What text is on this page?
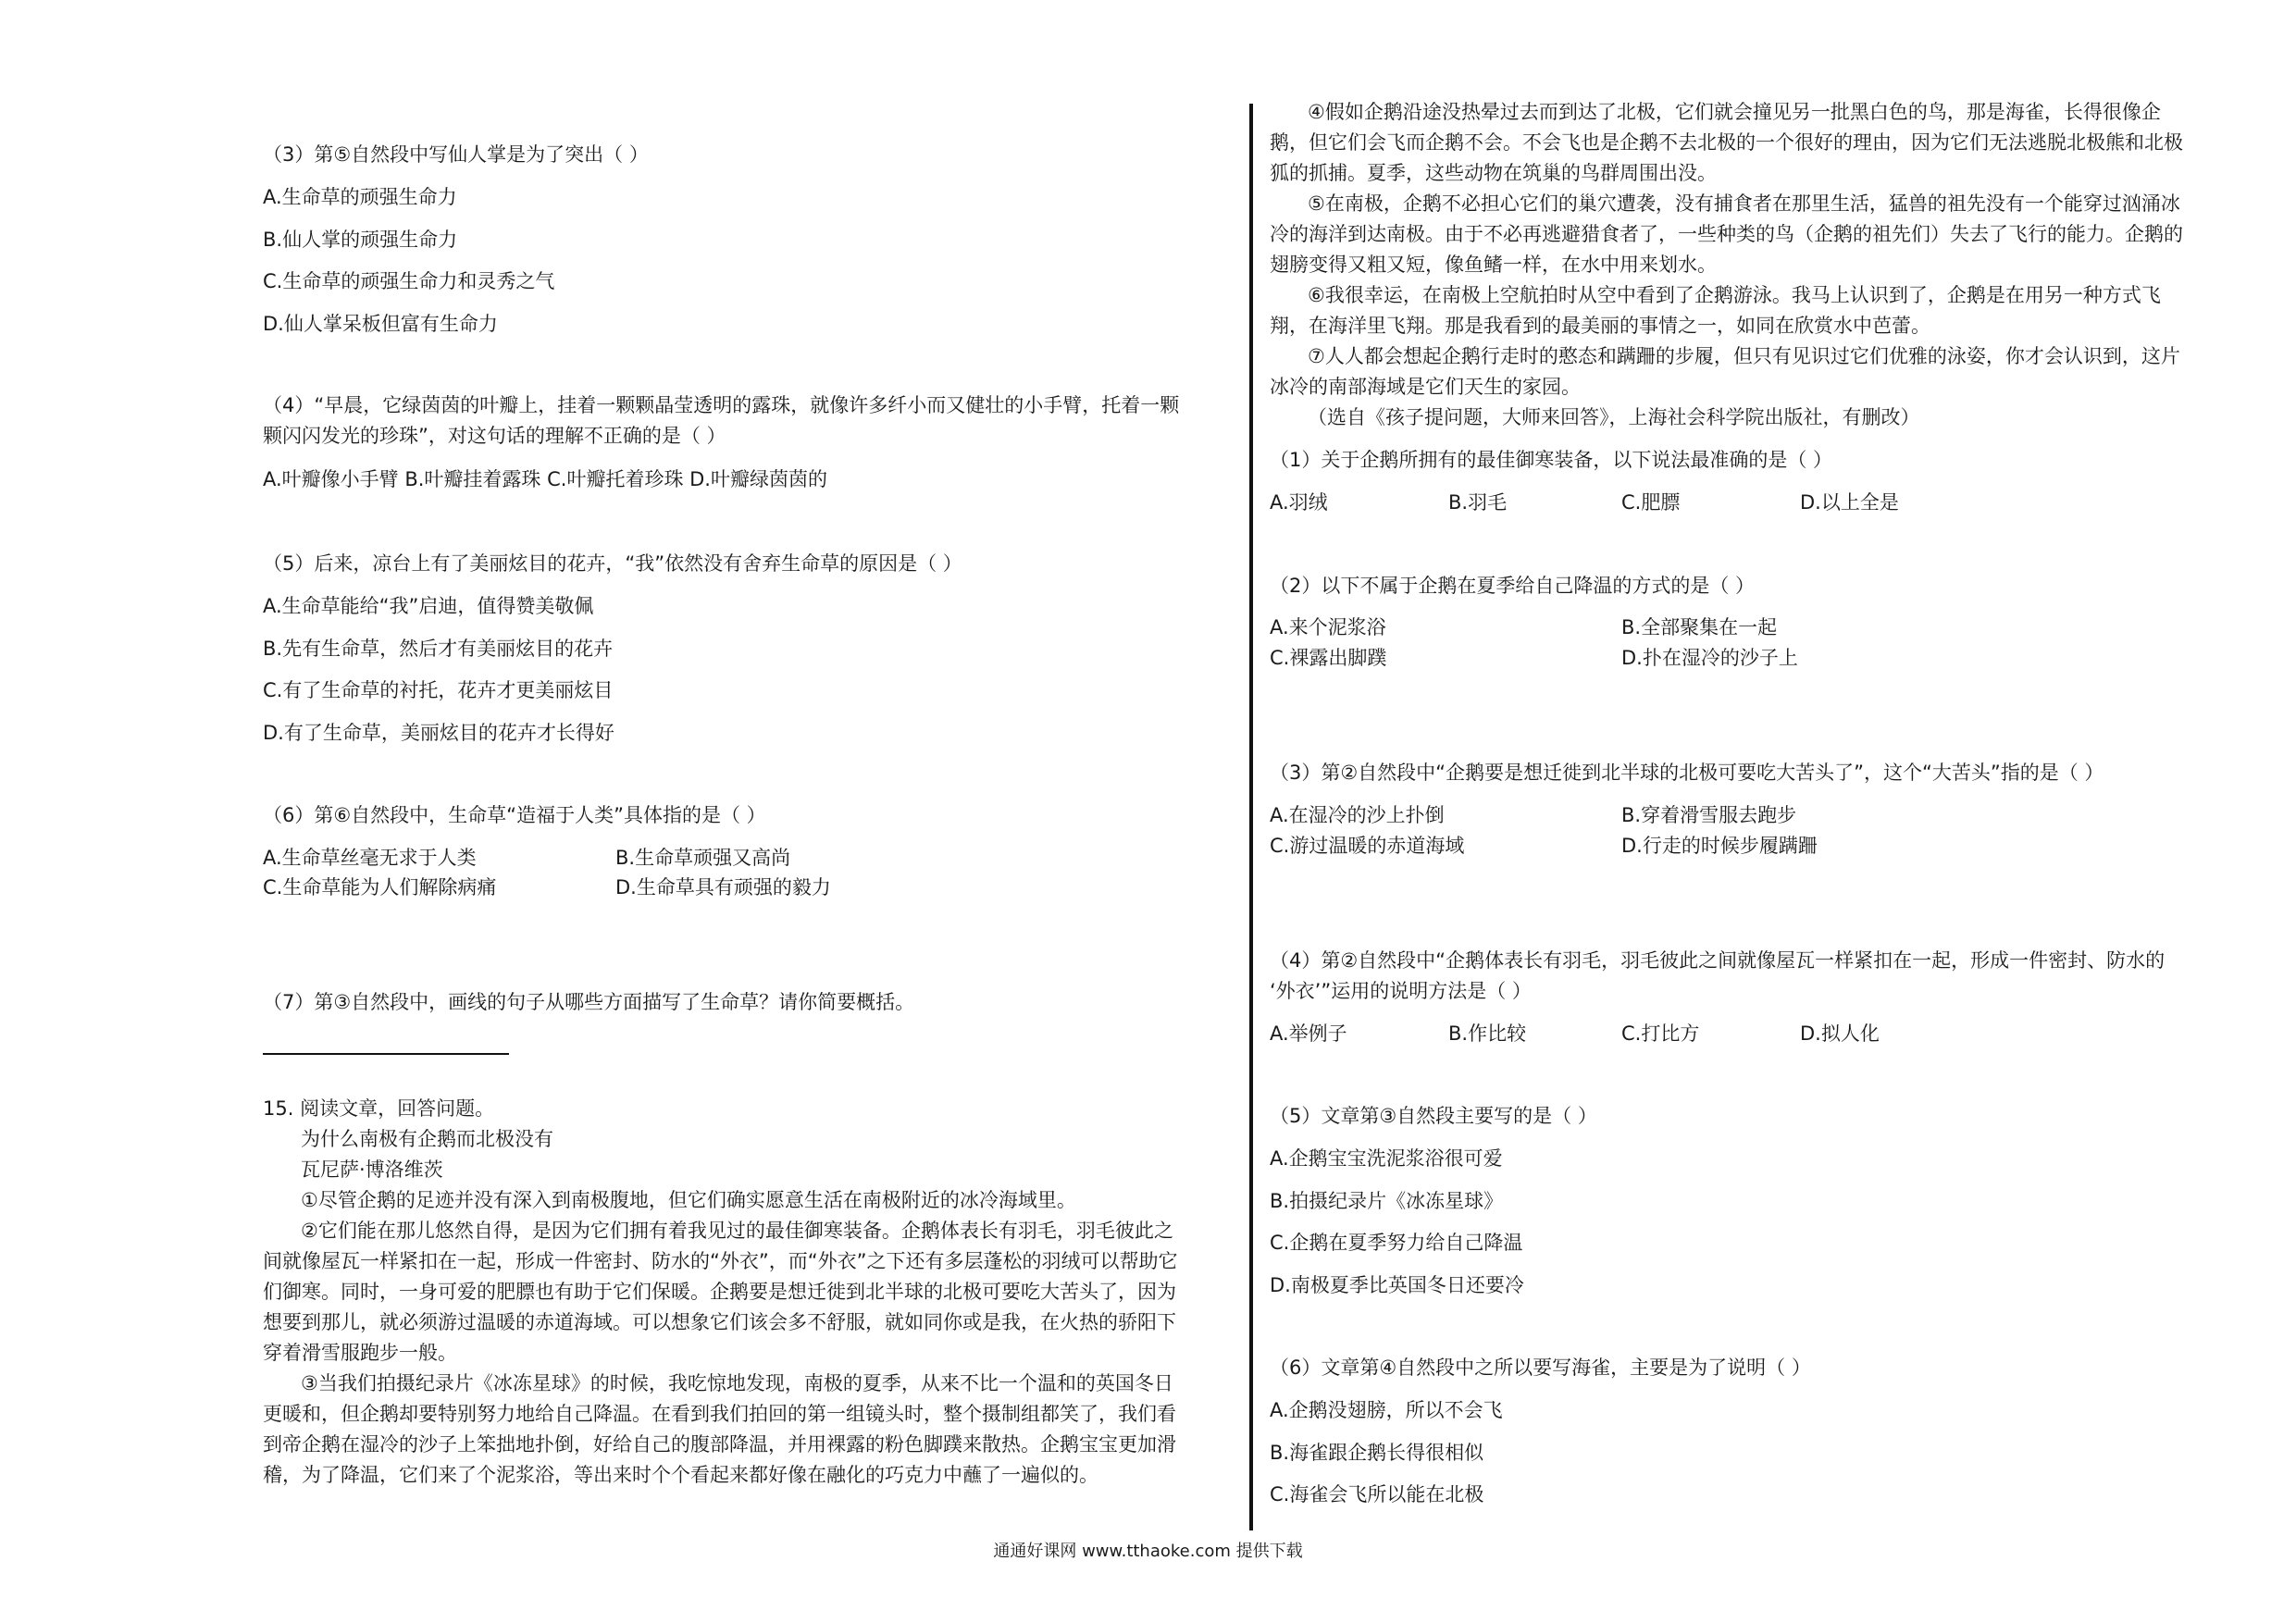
（3）第⑤自然段中写仙人掌是为了突出（ ）
A.生命草的顽强生命力
B.仙人掌的顽强生命力
C.生命草的顽强生命力和灵秀之气
D.仙人掌呆板但富有生命力
（4）“早晨，它绿茵茵的叶瓣上，挂着一颗颗晶莹透明的露珠，就像许多纤小而又健壮的小手臂，托着一颗
颗闪闪发光的珍珠”，对这句话的理解不正确的是（ ）
A.叶瓣像小手臂 B.叶瓣挂着露珠 C.叶瓣托着珍珠 D.叶瓣绿茵茵的
（5）后来，凉台上有了美丽炫目的花卉，“我”依然没有舍弃生命草的原因是（ ）
A.生命草能给“我”启迪，值得赞美敬佩
B.先有生命草，然后才有美丽炫目的花卉
C.有了生命草的衬托，花卉才更美丽炫目
D.有了生命草，美丽炫目的花卉才长得好
（6）第⑥自然段中，生命草“造福于人类”具体指的是（ ）
A.生命草丝毫无求于人类	B.生命草顽强又高尚
C.生命草能为人们解除病痛	D.生命草具有顽强的毅力
（7）第③自然段中，画线的句子从哪些方面描写了生命草？请你简要概括。
15. 阅读文章，回答问题。
为什么南极有企鹅而北极没有
瓦尼萨·博洛维茨
①尽管企鹅的足迹并没有深入到南极腹地，但它们确实愿意生活在南极附近的冰冷海域里。
②它们能在那儿悠然自得，是因为它们拥有着我见过的最佳御寒装备。企鹅体表长有羽毛，羽毛彼此之
间就像屋瓦一样紧扣在一起，形成一件密封、防水的“外衣”，而“外衣”之下还有多层蓬松的羽绒可以帮助它
们御寒。同时，一身可爱的肥膘也有助于它们保暖。企鹅要是想迁徙到北半球的北极可要吃大苦头了，因为
想要到那儿，就必须游过温暖的赤道海域。可以想象它们该会多不舒服，就如同你或是我，在火热的骄阳下
穿着滑雪服跑步一般。
③当我们拍摄纪录片《冰冻星球》的时候，我吃惊地发现，南极的夏季，从来不比一个温和的英国冬日
更暖和，但企鹅却要特别努力地给自己降温。在看到我们拍回的第一组镜头时，整个摄制组都笑了，我们看
到帝企鹅在湿冷的沙子上笨拙地扑倒，好给自己的腹部降温，并用裸露的粉色脚蹼来散热。企鹅宝宝更加滑
稽，为了降温，它们来了个泥浆浴，等出来时个个看起来都好像在融化的巧克力中蘸了一遍似的。
④假如企鹅沿途没热晕过去而到达了北极，它们就会撞见另一批黑白色的鸟，那是海雀，长得很像企
鹅，但它们会飞而企鹅不会。不会飞也是企鹅不去北极的一个很好的理由，因为它们无法逃脱北极熊和北极
狐的抓捕。夏季，这些动物在筑巢的鸟群周围出没。
⑤在南极，企鹅不必担心它们的巢穴遭袭，没有捕食者在那里生活，猛兽的祖先没有一个能穿过汹涌冰
冷的海洋到达南极。由于不必再逃避猎食者了，一些种类的鸟（企鹅的祖先们）失去了飞行的能力。企鹅的
翅膀变得又粗又短，像鱼鳍一样，在水中用来划水。
⑥我很幸运，在南极上空航拍时从空中看到了企鹅游泳。我马上认识到了，企鹅是在用另一种方式飞
翔，在海洋里飞翔。那是我看到的最美丽的事情之一，如同在欣赏水中芭蕾。
⑦人人都会想起企鹅行走时的憨态和蹒跚的步履，但只有见识过它们优雅的泳姿，你才会认识到，这片
冰冷的南部海域是它们天生的家园。
（选自《孩子提问题，大师来回答》，上海社会科学院出版社，有删改）
（1）关于企鹅所拥有的最佳御寒装备，以下说法最准确的是（ ）
A.羽绒	B.羽毛	C.肥膘	D.以上全是
（2）以下不属于企鹅在夏季给自己降温的方式的是（ ）
A.来个泥浆浴	B.全部聚集在一起
C.裸露出脚蹼	D.扑在湿冷的沙子上
（3）第②自然段中“企鹅要是想迁徙到北半球的北极可要吃大苦头了”，这个“大苦头”指的是（ ）
A.在湿冷的沙上扑倒	B.穿着滑雪服去跑步
C.游过温暖的赤道海域	D.行走的时候步履蹒跚
（4）第②自然段中“企鹅体表长有羽毛，羽毛彼此之间就像屋瓦一样紧扣在一起，形成一件密封、防水的
‘外衣’”运用的说明方法是（ ）
A.举例子	B.作比较	C.打比方	D.拟人化
（5）文章第③自然段主要写的是（ ）
A.企鹅宝宝洗泥浆浴很可爱
B.拍摄纪录片《冰冻星球》
C.企鹅在夏季努力给自己降温
D.南极夏季比英国冬日还要冷
（6）文章第④自然段中之所以要写海雀，主要是为了说明（ ）
A.企鹅没翅膀，所以不会飞
B.海雀跟企鹅长得很相似
C.海雀会飞所以能在北极
通通好课网 www.tthaoke.com 提供下载
